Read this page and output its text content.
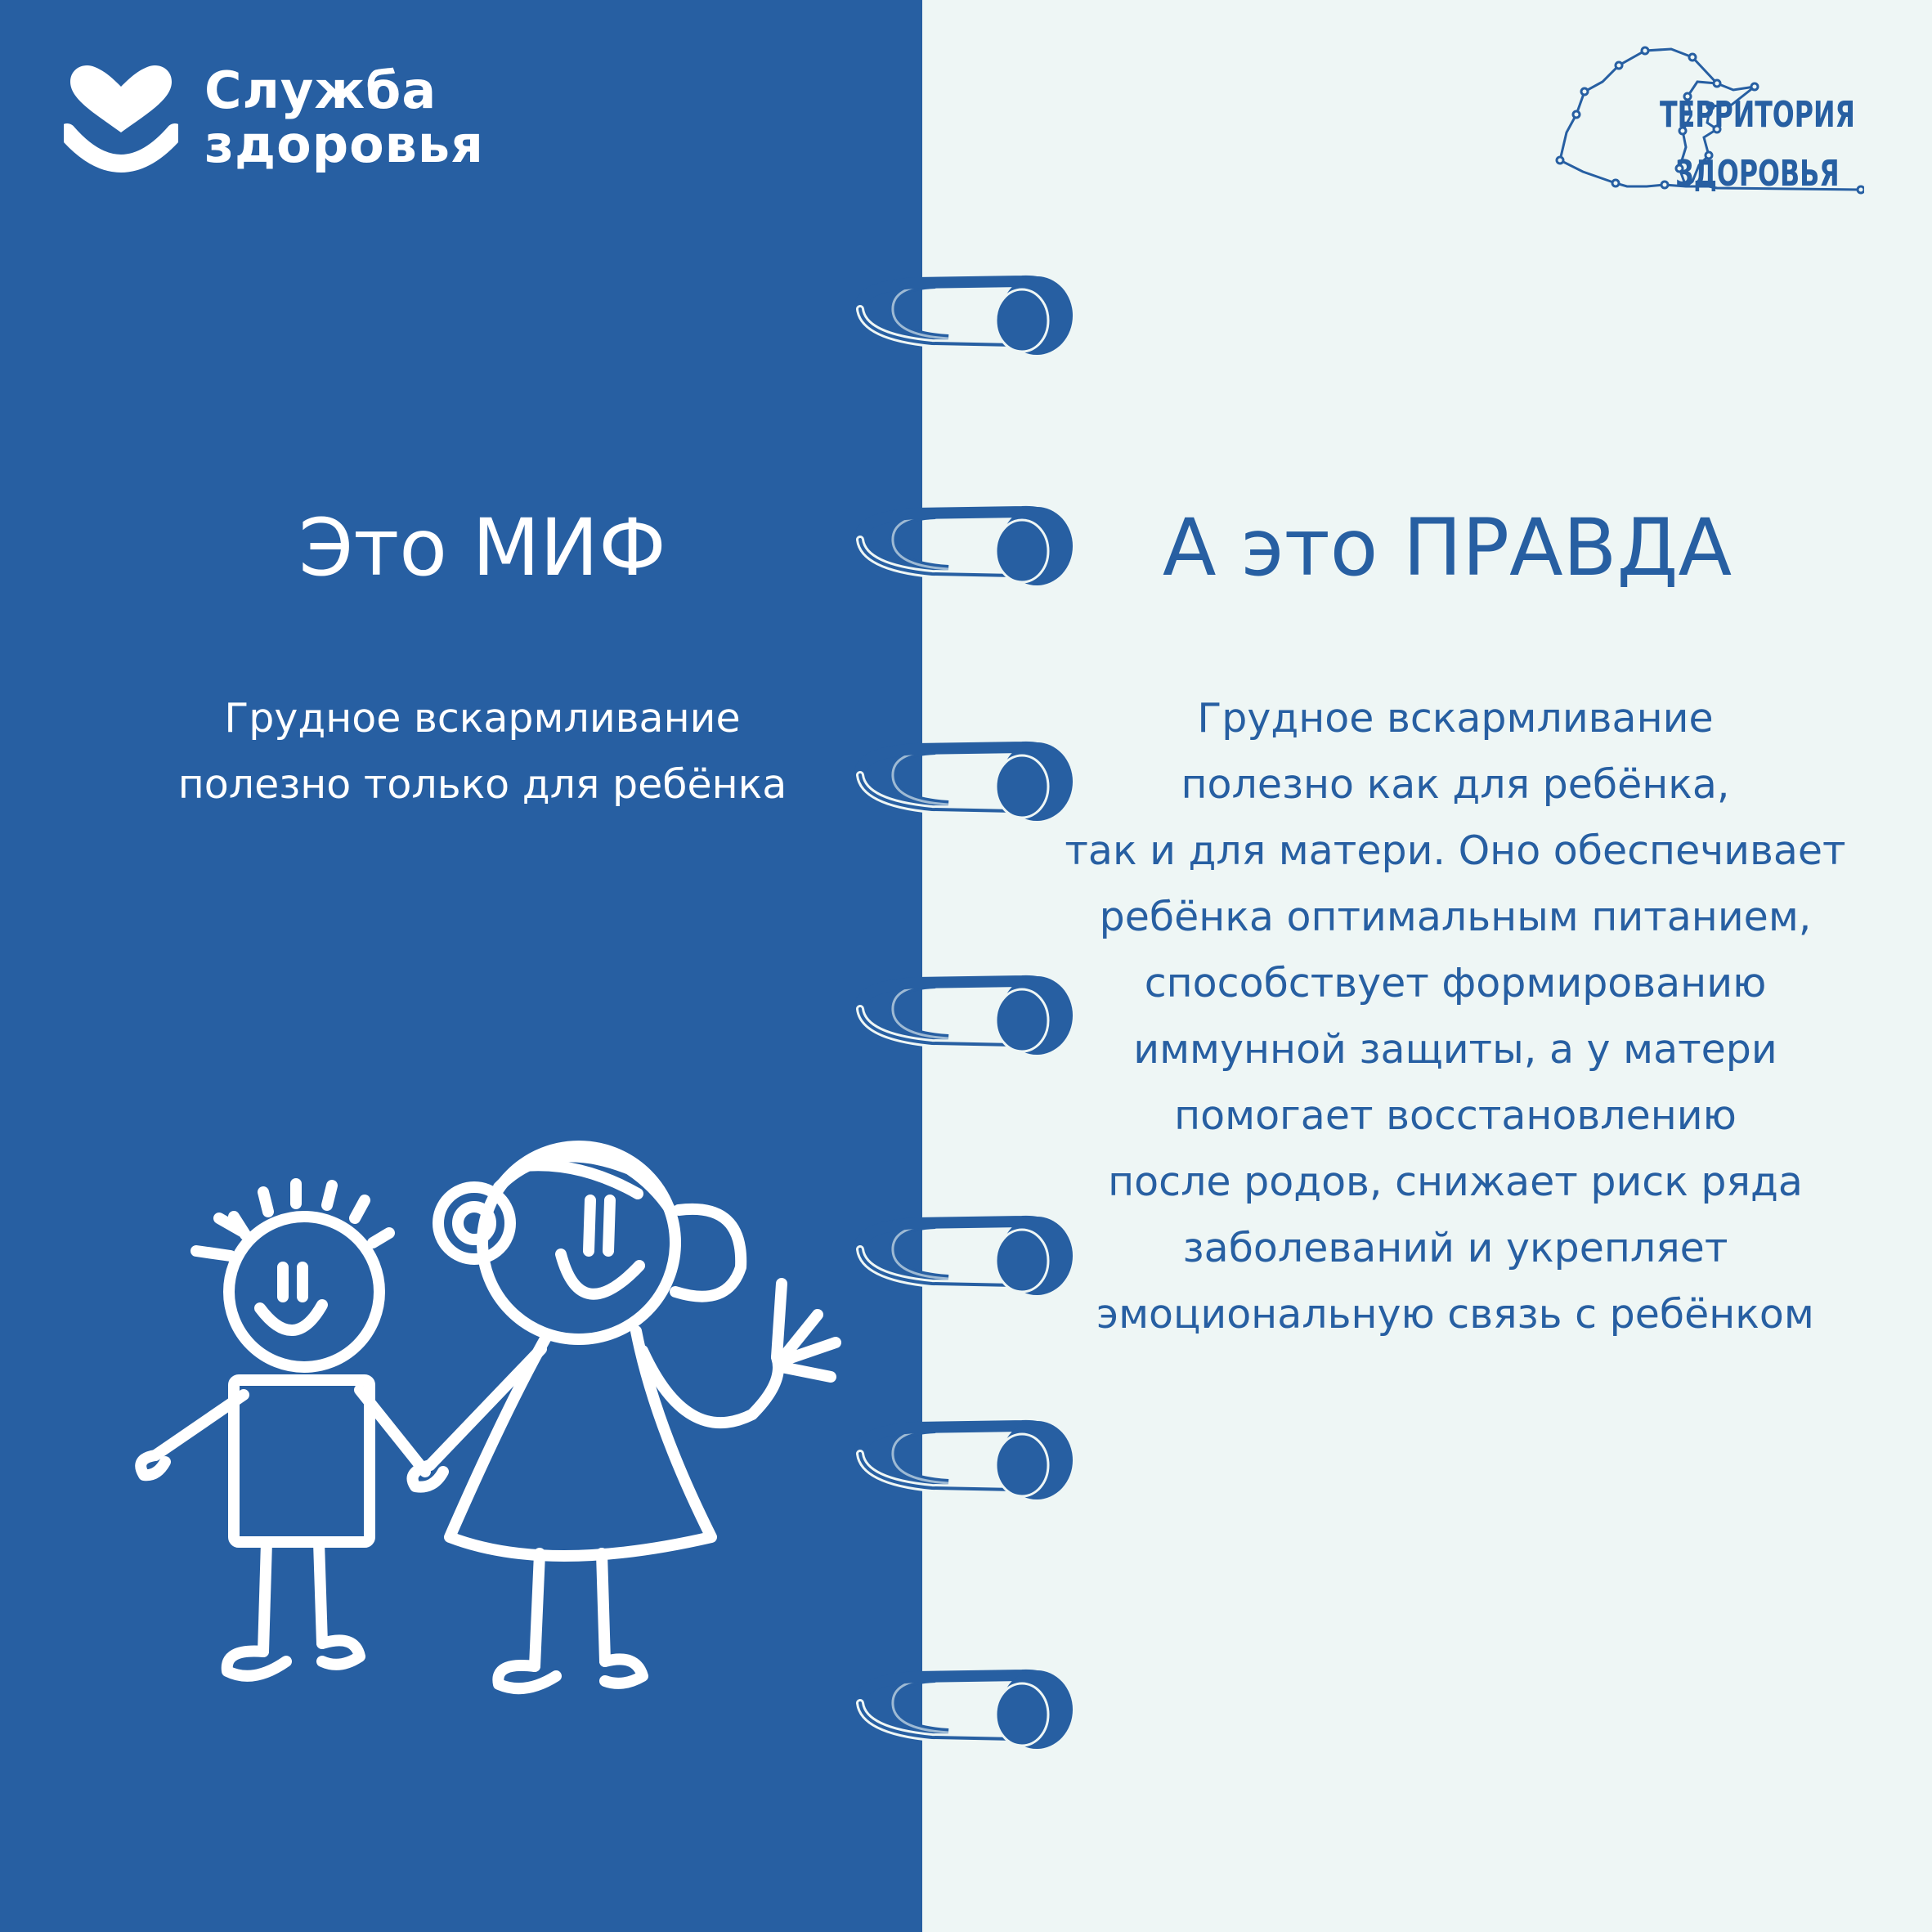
Служба
здоровья	ТЕРРИТОРИЯ
ЗДОРОВЬЯ
Это МИФ	А это ПРАВДА
Грудное вскармливание
полезно только для ребёнка
Грудное вскармливание
полезно как для ребёнка,
так и для матери. Оно обеспечивает
ребёнка оптимальным питанием,
способствует формированию
иммунной защиты, а у матери
помогает восстановлению
после родов, снижает риск ряда
заболеваний и укрепляет
эмоциональную связь с ребёнком
